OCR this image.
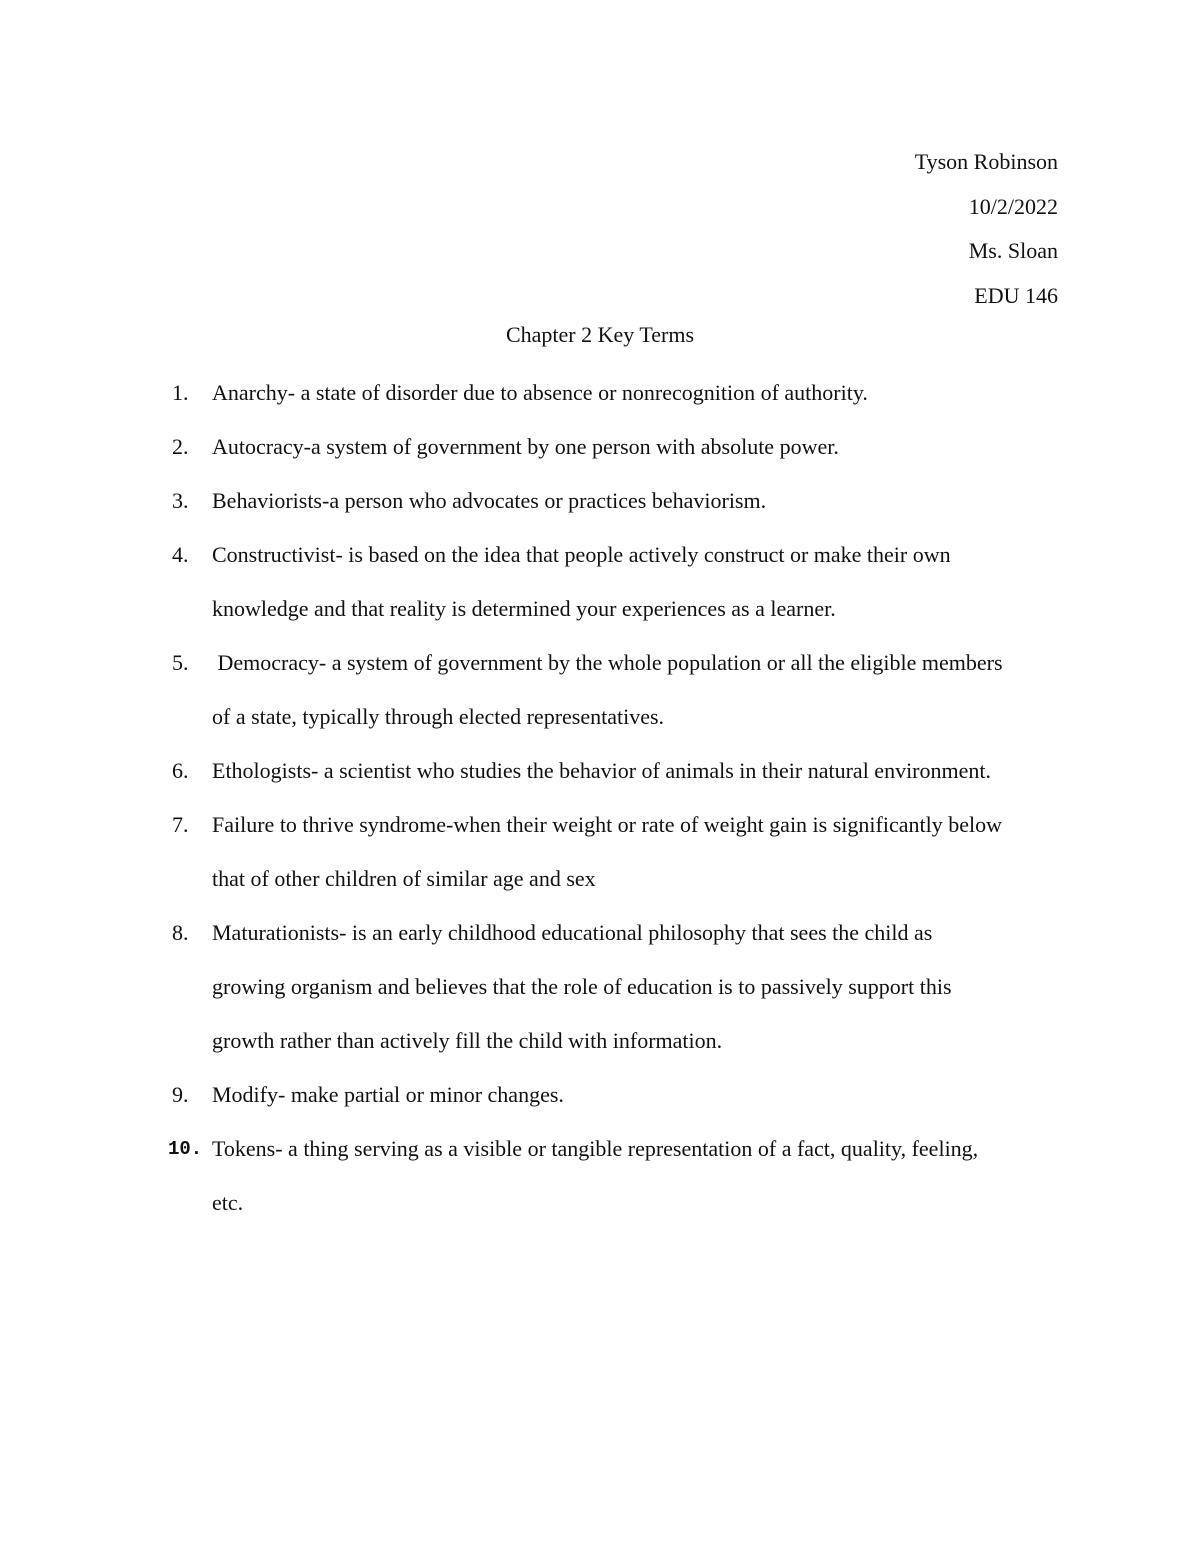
Tyson Robinson
10/2/2022
Ms. Sloan
EDU 146
Chapter 2 Key Terms
1. Anarchy- a state of disorder due to absence or nonrecognition of authority.
2. Autocracy-a system of government by one person with absolute power.
3. Behaviorists-a person who advocates or practices behaviorism.
4. Constructivist- is based on the idea that people actively construct or make their own
knowledge and that reality is determined your experiences as a learner.
5. Democracy- a system of government by the whole population or all the eligible members
of a state, typically through elected representatives.
6. Ethologists- a scientist who studies the behavior of animals in their natural environment.
7. Failure to thrive syndrome-when their weight or rate of weight gain is significantly below
that of other children of similar age and sex
8. Maturationists- is an early childhood educational philosophy that sees the child as
growing organism and believes that the role of education is to passively support this
growth rather than actively fill the child with information.
9. Modify- make partial or minor changes.
10. Tokens- a thing serving as a visible or tangible representation of a fact, quality, feeling,
etc.
